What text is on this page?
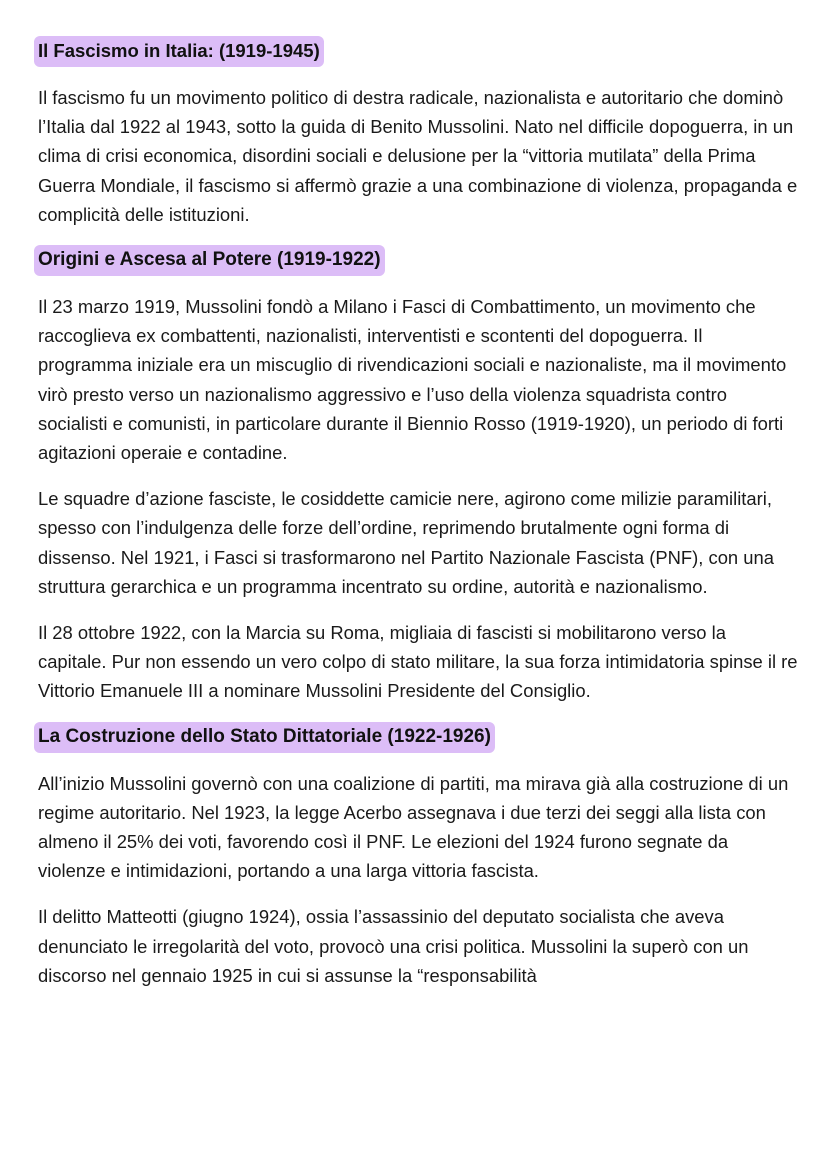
Il Fascismo in Italia: (1919-1945)

Il fascismo fu un movimento politico di destra radicale, nazionalista e autoritario che dominò l’Italia dal 1922 al 1943, sotto la guida di Benito Mussolini. Nato nel difficile dopoguerra, in un clima di crisi economica, disordini sociali e delusione per la “vittoria mutilata” della Prima Guerra Mondiale, il fascismo si affermò grazie a una combinazione di violenza, propaganda e complicità delle istituzioni.

Origini e Ascesa al Potere (1919-1922)

Il 23 marzo 1919, Mussolini fondò a Milano i Fasci di Combattimento, un movimento che raccoglieva ex combattenti, nazionalisti, interventisti e scontenti del dopoguerra. Il programma iniziale era un miscuglio di rivendicazioni sociali e nazionaliste, ma il movimento virò presto verso un nazionalismo aggressivo e l’uso della violenza squadrista contro socialisti e comunisti, in particolare durante il Biennio Rosso (1919-1920), un periodo di forti agitazioni operaie e contadine.

Le squadre d’azione fasciste, le cosiddette camicie nere, agirono come milizie paramilitari, spesso con l’indulgenza delle forze dell’ordine, reprimendo brutalmente ogni forma di dissenso. Nel 1921, i Fasci si trasformarono nel Partito Nazionale Fascista (PNF), con una struttura gerarchica e un programma incentrato su ordine, autorità e nazionalismo.

Il 28 ottobre 1922, con la Marcia su Roma, migliaia di fascisti si mobilitarono verso la capitale. Pur non essendo un vero colpo di stato militare, la sua forza intimidatoria spinse il re Vittorio Emanuele III a nominare Mussolini Presidente del Consiglio.

La Costruzione dello Stato Dittatoriale (1922-1926)

All’inizio Mussolini governò con una coalizione di partiti, ma mirava già alla costruzione di un regime autoritario. Nel 1923, la legge Acerbo assegnava i due terzi dei seggi alla lista con almeno il 25% dei voti, favorendo così il PNF. Le elezioni del 1924 furono segnate da violenze e intimidazioni, portando a una larga vittoria fascista.

Il delitto Matteotti (giugno 1924), ossia l’assassinio del deputato socialista che aveva denunciato le irregolarità del voto, provocò una crisi politica. Mussolini la superò con un discorso nel gennaio 1925 in cui si assunse la “responsabilità
